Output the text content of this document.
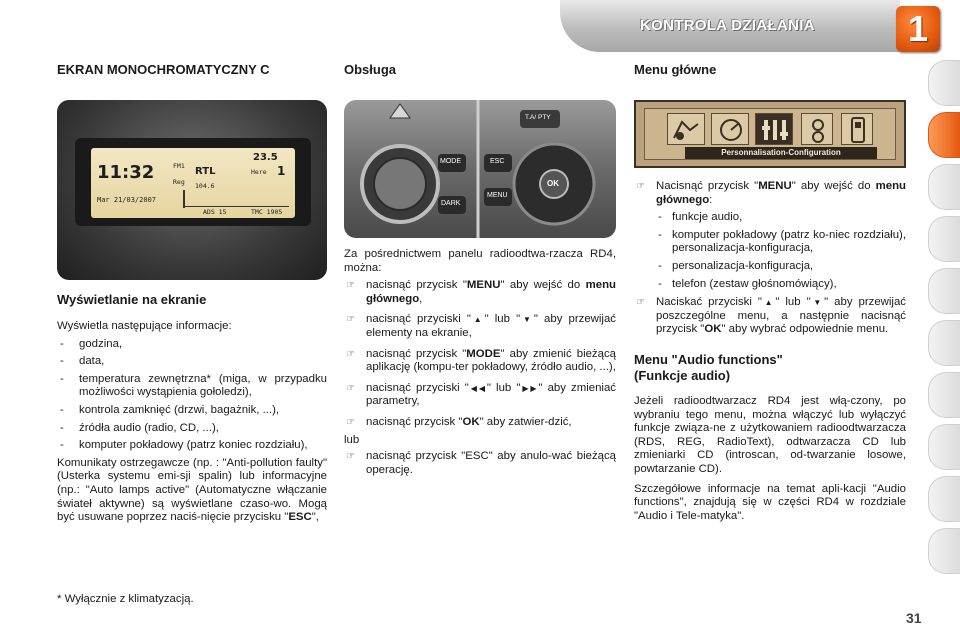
KONTROLA DZIAŁANIA	1
EKRAN MONOCHROMATYCZNY C
11:32
Mar 21/03/2007
FM1 RTL
104.6
Reg
23.5
Here 1
ADS 15	TMC 1905
Wyświetlanie na ekranie
Wyświetla następujące informacje:
- godzina,
- data,
- temperatura zewnętrzna* (miga, w przypadku możliwości wystąpienia gołoledzi),
- kontrola zamknięć (drzwi, bagażnik, ...),
- źródła audio (radio, CD, ...),
- komputer pokładowy (patrz koniec rozdziału),
Komunikaty ostrzegawcze (np. : "Anti-pollution faulty" (Usterka systemu emi-sji spalin) lub informacyjne (np.: "Auto lamps active" (Automatyczne włączanie świateł aktywne) są wyświetlane czaso-wo. Mogą być usuwane poprzez naciś-nięcie przycisku "ESC",
* Wyłącznie z klimatyzacją.
Obsługa
MODE
DARK
ESC
MENU
OK
T.A/ PTY
Za pośrednictwem panelu radioodtwa-rzacza RD4, można:
☞ nacisnąć przycisk "MENU" aby wejść do menu głównego,
☞ nacisnąć przyciski "▲" lub "▼" aby przewijać elementy na ekranie,
☞ nacisnąć przycisk "MODE" aby zmienić bieżącą aplikację (kompu-ter pokładowy, źródło audio, ...),
☞ nacisnąć przyciski "◀◀" lub "▶▶" aby zmieniać parametry,
☞ nacisnąć przycisk "OK" aby zatwier-dzić,
lub
☞ nacisnąć przycisk "ESC" aby anulo-wać bieżącą operację.
Menu główne
Personnalisation-Configuration
☞ Nacisnąć przycisk "MENU" aby wejść do menu głównego:
- funkcje audio,
- komputer pokładowy (patrz ko-niec rozdziału), personalizacja-konfiguracja,
- personalizacja-konfiguracja,
- telefon (zestaw głośnomówiący),
☞ Naciskać przyciski "▲" lub "▼" aby przewijać poszczególne menu, a następnie nacisnąć przycisk "OK" aby wybrać odpowiednie menu.
Menu "Audio functions"
(Funkcje audio)
Jeżeli radioodtwarzacz RD4 jest włą-czony, po wybraniu tego menu, można włączyć lub wyłączyć funkcje związa-ne z użytkowaniem radioodtwarzacza (RDS, REG, RadioText), odtwarzacza CD lub zmieniarki CD (introscan, od-twarzanie losowe, powtarzanie CD).
Szczegółowe informacje na temat apli-kacji "Audio functions", znajdują się w części RD4 w rozdziale "Audio i Tele-matyka".
31
